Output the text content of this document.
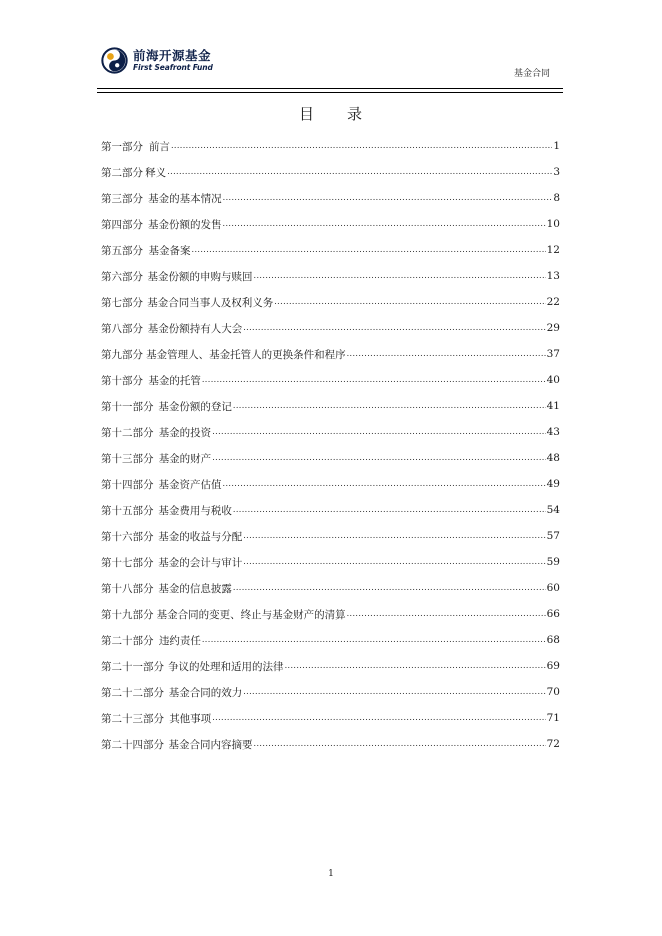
前海开源基金
First Seafront Fund
基金合同
目 录
第一部分 前言 .....	1
第二部分 释义 .....	3
第三部分 基金的基本情况 .....	8
第四部分 基金份额的发售 .....	10
第五部分 基金备案 .....	12
第六部分 基金份额的申购与赎回 .....	13
第七部分 基金合同当事人及权利义务 .....	22
第八部分 基金份额持有人大会 .....	29
第九部分 基金管理人、基金托管人的更换条件和程序 .....	37
第十部分 基金的托管 .....	40
第十一部分 基金份额的登记 .....	41
第十二部分 基金的投资 .....	43
第十三部分 基金的财产 .....	48
第十四部分 基金资产估值 .....	49
第十五部分 基金费用与税收 .....	54
第十六部分 基金的收益与分配 .....	57
第十七部分 基金的会计与审计 .....	59
第十八部分 基金的信息披露 .....	60
第十九部分 基金合同的变更、终止与基金财产的清算 .....	66
第二十部分 违约责任 .....	68
第二十一部分 争议的处理和适用的法律 .....	69
第二十二部分 基金合同的效力 .....	70
第二十三部分 其他事项 .....	71
第二十四部分 基金合同内容摘要 .....	72
1
